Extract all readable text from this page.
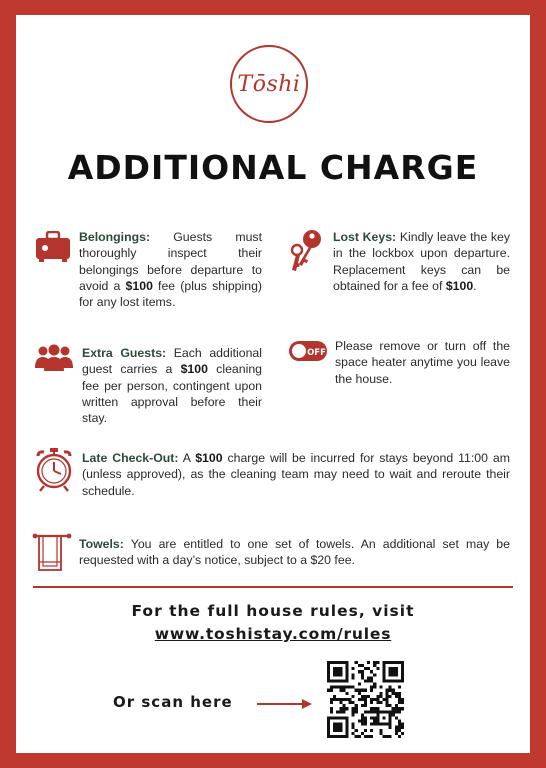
Tōshi
ADDITIONAL CHARGE
Belongings: Guests must thoroughly inspect their belongings before departure to avoid a $100 fee (plus shipping) for any lost items.
Lost Keys: Kindly leave the key in the lockbox upon departure. Replacement keys can be obtained for a fee of $100.
Extra Guests: Each additional guest carries a $100 cleaning fee per person, contingent upon written approval before their stay.
OFF Please remove or turn off the space heater anytime you leave the house.
Late Check-Out: A $100 charge will be incurred for stays beyond 11:00 am (unless approved), as the cleaning team may need to wait and reroute their schedule.
Towels: You are entitled to one set of towels. An additional set may be requested with a day’s notice, subject to a $20 fee.
For the full house rules, visit
www.toshistay.com/rules
Or scan here
